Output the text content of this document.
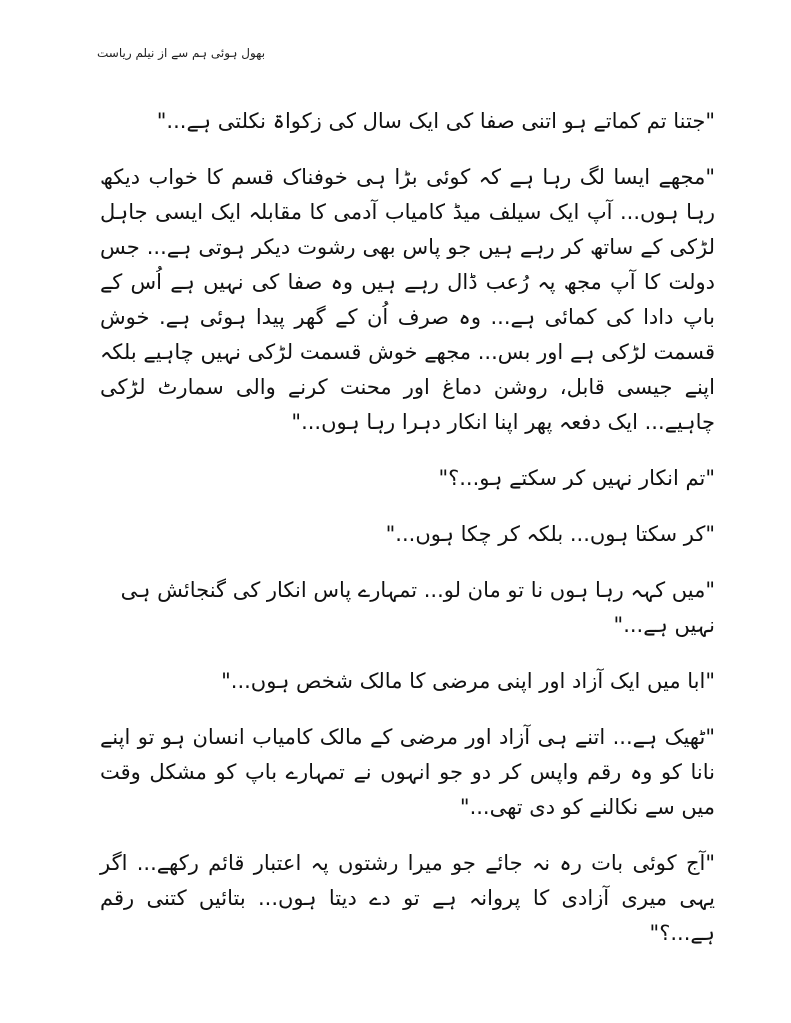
بھول ہوئی ہم سے از نیلم ریاست

"جتنا تم کماتے ہو اتنی صفا کی ایک سال کی زکواۃ نکلتی ہے..."

"مجھے ایسا لگ رہا ہے کہ کوئی بڑا ہی خوفناک قسم کا خواب دیکھ رہا ہوں... آپ ایک سیلف میڈ کامیاب آدمی کا مقابلہ ایک ایسی جاہل لڑکی کے ساتھ کر رہے ہیں جو پاس بھی رشوت دیکر ہوتی ہے... جس دولت کا آپ مجھ پہ رُعب ڈال رہے ہیں وہ صفا کی نہیں ہے اُس کے باپ دادا کی کمائی ہے... وہ صرف اُن کے گھر پیدا ہوئی ہے. خوش قسمت لڑکی ہے اور بس... مجھے خوش قسمت لڑکی نہیں چاہیے بلکہ اپنے جیسی قابل، روشن دماغ اور محنت کرنے والی سمارٹ لڑکی چاہیے... ایک دفعہ پھر اپنا انکار دہرا رہا ہوں..."

"تم انکار نہیں کر سکتے ہو...؟"

"کر سکتا ہوں... بلکہ کر چکا ہوں..."

"میں کہہ رہا ہوں نا تو مان لو... تمہارے پاس انکار کی گنجائش ہی نہیں ہے..."

"ابا میں ایک آزاد اور اپنی مرضی کا مالک شخص ہوں..."

"ٹھیک ہے... اتنے ہی آزاد اور مرضی کے مالک کامیاب انسان ہو تو اپنے نانا کو وہ رقم واپس کر دو جو انہوں نے تمہارے باپ کو مشکل وقت میں سے نکالنے کو دی تھی..."

"آج کوئی بات رہ نہ جائے جو میرا رشتوں پہ اعتبار قائم رکھے... اگر یہی میری آزادی کا پروانہ ہے تو دے دیتا ہوں... بتائیں کتنی رقم ہے...؟"
